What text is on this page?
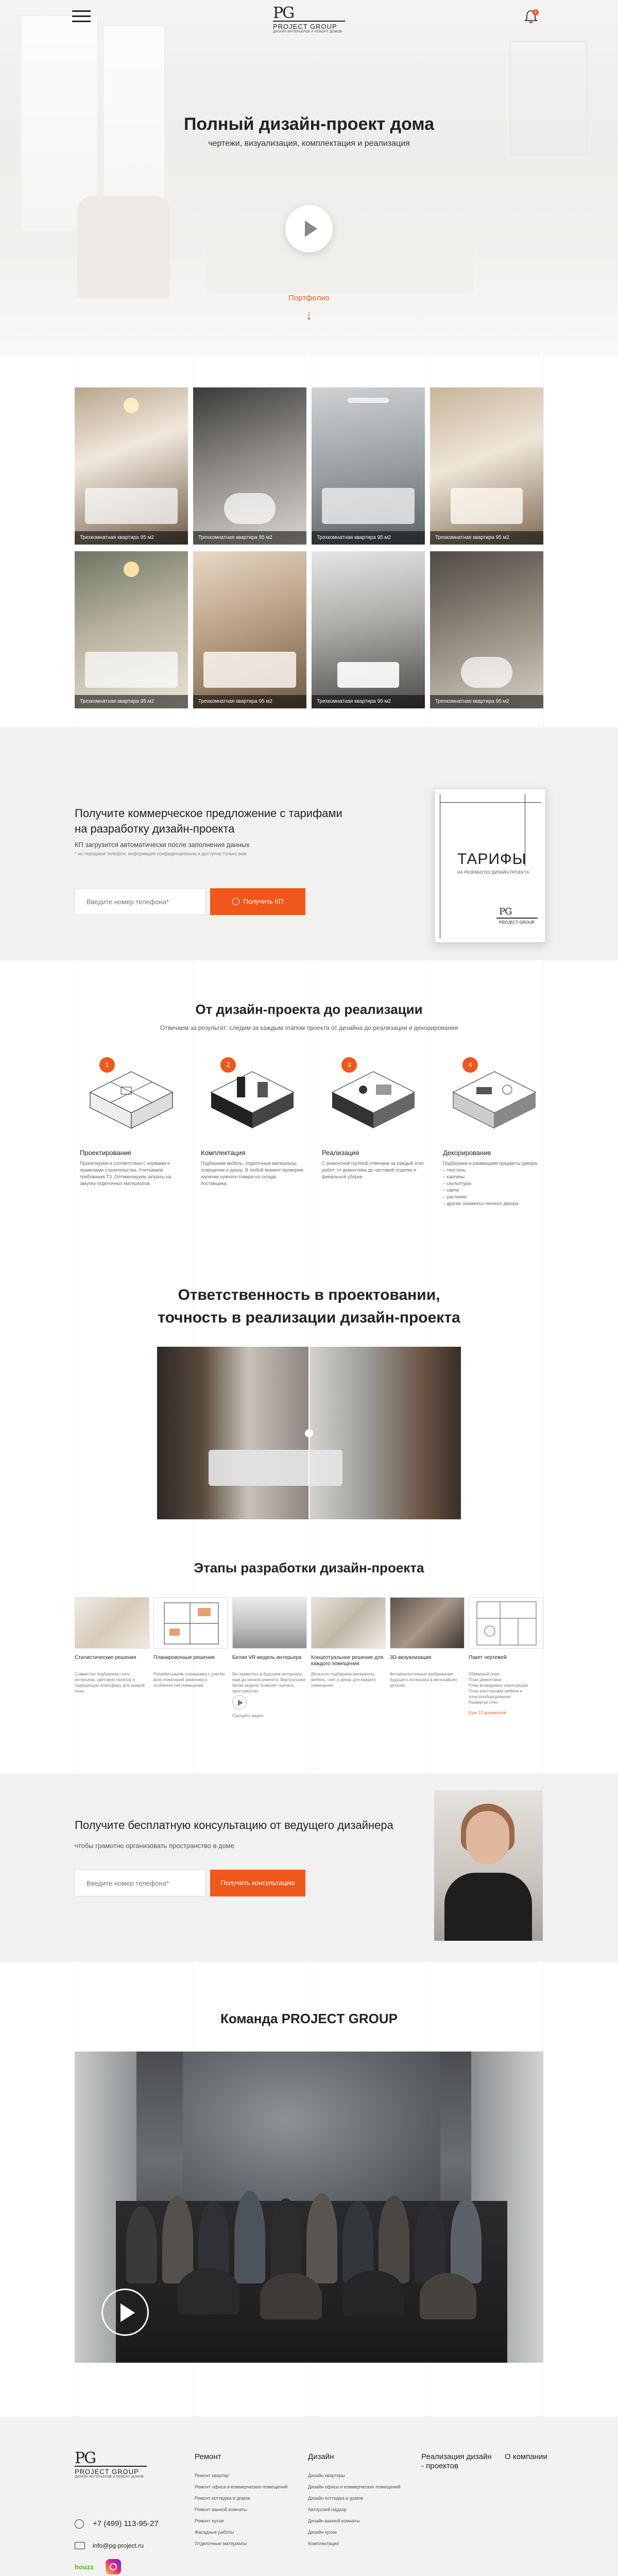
РG
PROJECT GROUP
ДИЗАЙН ИНТЕРЬЕРОВ И РЕМОНТ ДОМОВ
1
Полный дизайн-проект дома
чертежи, визуализация, комплектация и реализация
Портфолио
↓
Трехкомнатная квартира 95 м2	Трехкомнатная квартира 95 м2	Трехкомнатная квартира 95 м2	Трехкомнатная квартира 95 м2
Трехкомнатная квартира 95 м2	Трехкомнатная квартира 95 м2	Трехкомнатная квартира 95 м2	Трехкомнатная квартира 95 м2
Получите коммерческое предложение с тарифами на разработку дизайн-проекта
КП загрузится автоматически после заполнения данных
* не передаем телефон, информация конфиденциальна и доступна только вам
Введите номер телефона*
Получить КП
ТАРИФЫ
НА РАЗРАБОТКУ ДИЗАЙН-ПРОЕКТА
РG
PROJECT GROUP
От дизайн-проекта до реализации
Отвечаем за результат: следим за каждым этапом проекта от дизайна до реализации и декорирования
1
Проектирование
Проектируем в соответствии с нормами и правилами строительства. Учитываем требования ТЗ. Оптимизируем затраты на закупку отделочных материалов.
2
Комплектация
Подбираем мебель, отделочные материалы, освещение и декор. В любой момент проверим наличие нужного товара на складе поставщика.
3
Реализация
С ремонтной группой отвечаем за каждый этап работ: от демонтажа до чистовой отделки и финальной уборки.
4
Декорирование
Подбираем и размещаем предметы декора:
– текстиль
– картины
– скульптуры
– свечи
– растения
– другие элементы личного декора
Ответственность в проектовании,
точность в реализации дизайн-проекта
Этапы разработки дизайн-проекта
Стилистические решения
Совместно подбираем стиль интерьера, цветовую палитру и подходящую атмосферу для каждой зоны.
Планировочные решения
Разрабатываем планировку с учетом всех пожеланий заказчика и особенностей помещения.
Белая VR-модель интерьера
Вы окажетесь в будущем интерьере, еще до начала ремонта. Виртуальная белая модель позволит оценить пространство.
Смотреть видео
Концептуальное решение для каждого помещения
Детально подбираем материалы, мебель, свет и декор для каждого помещения.
3D-визуализация
Фотореалистичные изображения будущего интерьера в мельчайших деталях.
Пакет чертежей
Обмерный план
План демонтажа
План возводимых перегородок
План расстановки мебели и электрооборудования
Развертки стен
Еще 12 документов
Получите бесплатную консультацию от ведущего дизайнера
чтобы грамотно организовать пространство в доме
Введите номер телефона*
Получить консультацию
Команда PROJECT GROUP
РG
PROJECT GROUP
ДИЗАЙН ИНТЕРЬЕРОВ И РЕМОНТ ДОМОВ
+7 (499) 113-95-27
info@pg-project.ru
houzz
Ремонт
Ремонт квартир
Ремонт офиса и коммерческих помещений
Ремонт коттеджа и домов
Ремонт ванной комнаты
Ремонт кухни
Фасадные работы
Отделочные материалы
Дизайн
Дизайн квартиры
Дизайн офиса и коммерческих помещений
Дизайн коттеджа и домов
Авторский надзор
Дизайн ванной комнаты
Дизайн кухни
Комплектация
Реализация дизайн - проектов
О компании
